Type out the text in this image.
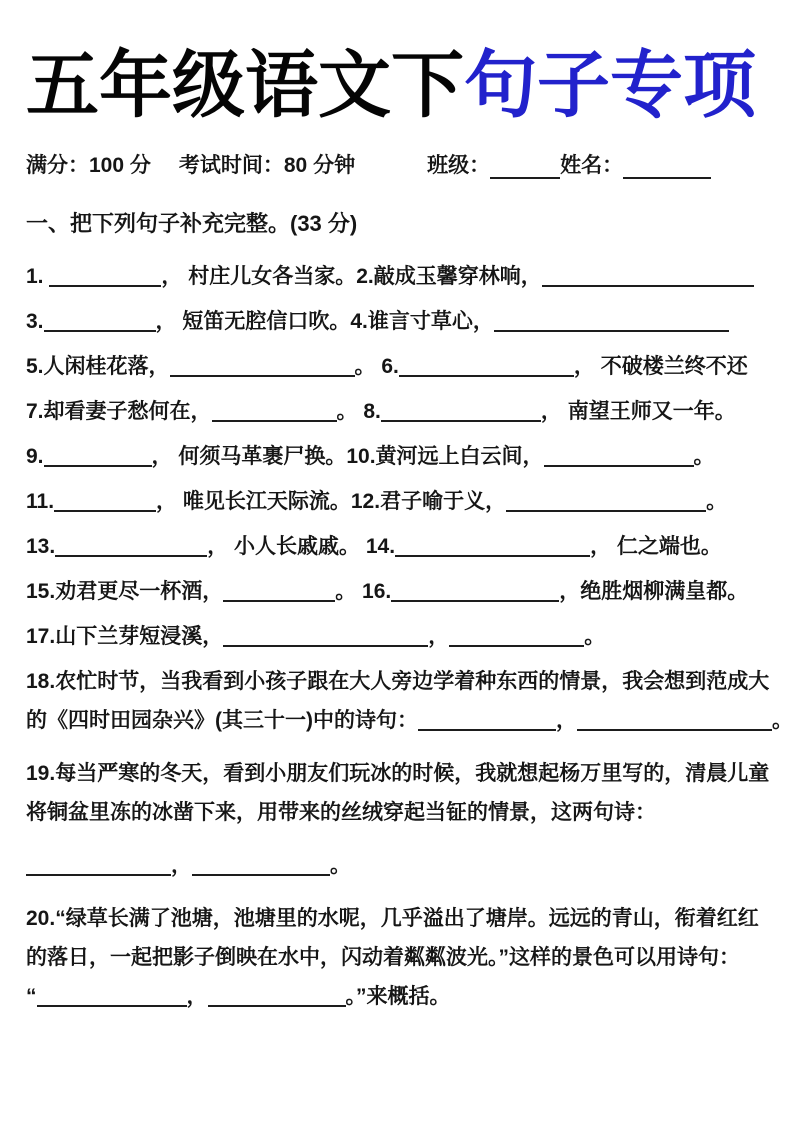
五年级语文下句子专项
满分：100 分 考试时间：80 分钟	班级：	姓名：
一、把下列句子补充完整。(33 分)
1.	， 村庄儿女各当家。2.敲成玉馨穿林响，
3.	， 短笛无腔信口吹。4.谁言寸草心，
5.人闲桂花落，	。 6.	， 不破楼兰终不还
7.却看妻子愁何在，	。 8.	， 南望王师又一年。
9.	， 何须马革裹尸换。10.黄河远上白云间，	。
11.	， 唯见长江天际流。12.君子喻于义，	。
13.	， 小人长戚戚。 14.	， 仁之端也。
15.劝君更尽一杯酒，	。 16.	，绝胜烟柳满皇都。
17.山下兰芽短浸溪，	，	。
18.农忙时节，当我看到小孩子跟在大人旁边学着种东西的情景，我会想到范成大
的《四时田园杂兴》(其三十一)中的诗句：	，	。
19.每当严寒的冬天，看到小朋友们玩冰的时候，我就想起杨万里写的，清晨儿童
将铜盆里冻的冰凿下来，用带来的丝绒穿起当钲的情景，这两句诗：
，	。
20.“绿草长满了池塘，池塘里的水呢，几乎溢出了塘岸。远远的青山，衔着红红
的落日，一起把影子倒映在水中，闪动着粼粼波光。”这样的景色可以用诗句：
“	，	。”来概括。
